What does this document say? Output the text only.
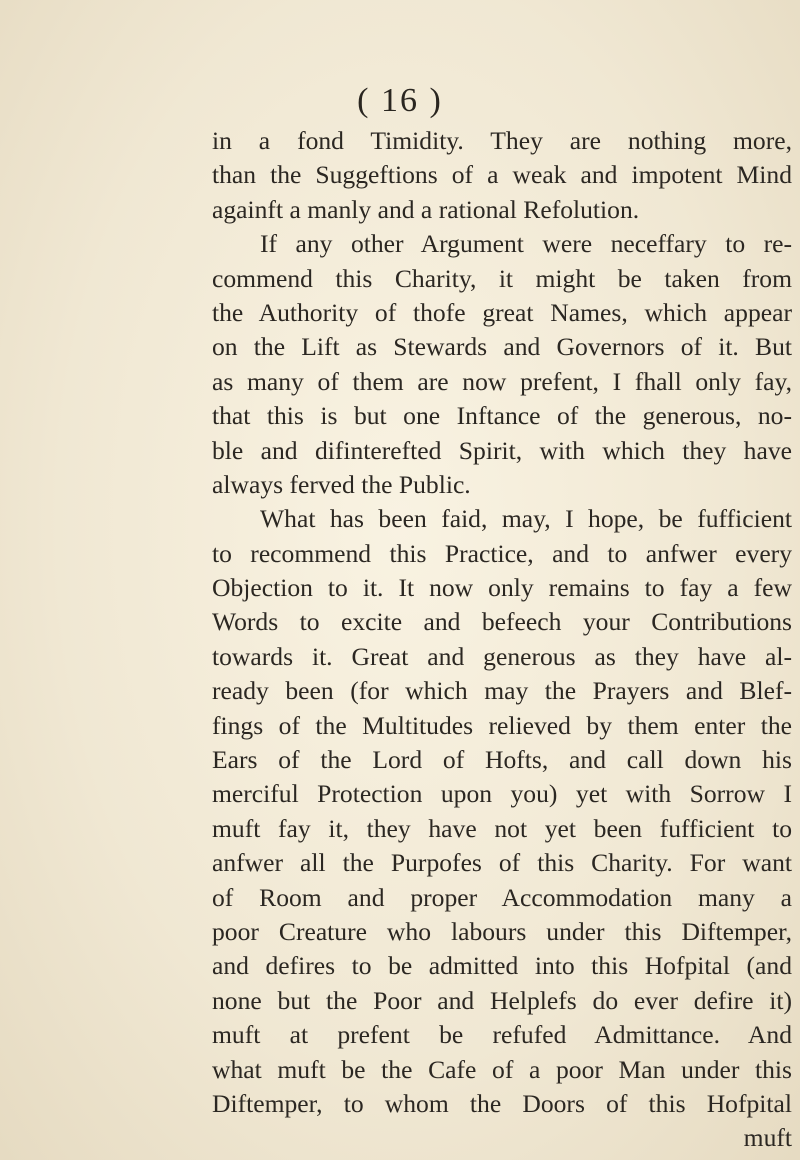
( 16 )
in a fond Timidity. They are nothing more,
than the Suggeftions of a weak and impotent Mind
againft a manly and a rational Refolution.
If any other Argument were neceffary to re-
commend this Charity, it might be taken from
the Authority of thofe great Names, which appear
on the Lift as Stewards and Governors of it. But
as many of them are now prefent, I fhall only fay,
that this is but one Inftance of the generous, no-
ble and difinterefted Spirit, with which they have
always ferved the Public.
What has been faid, may, I hope, be fufficient
to recommend this Practice, and to anfwer every
Objection to it. It now only remains to fay a few
Words to excite and befeech your Contributions
towards it. Great and generous as they have al-
ready been (for which may the Prayers and Blef-
fings of the Multitudes relieved by them enter the
Ears of the Lord of Hofts, and call down his
merciful Protection upon you) yet with Sorrow I
muft fay it, they have not yet been fufficient to
anfwer all the Purpofes of this Charity. For want
of Room and proper Accommodation many a
poor Creature who labours under this Diftemper,
and defires to be admitted into this Hofpital (and
none but the Poor and Helplefs do ever defire it)
muft at prefent be refufed Admittance. And
what muft be the Cafe of a poor Man under this
Diftemper, to whom the Doors of this Hofpital
muft
